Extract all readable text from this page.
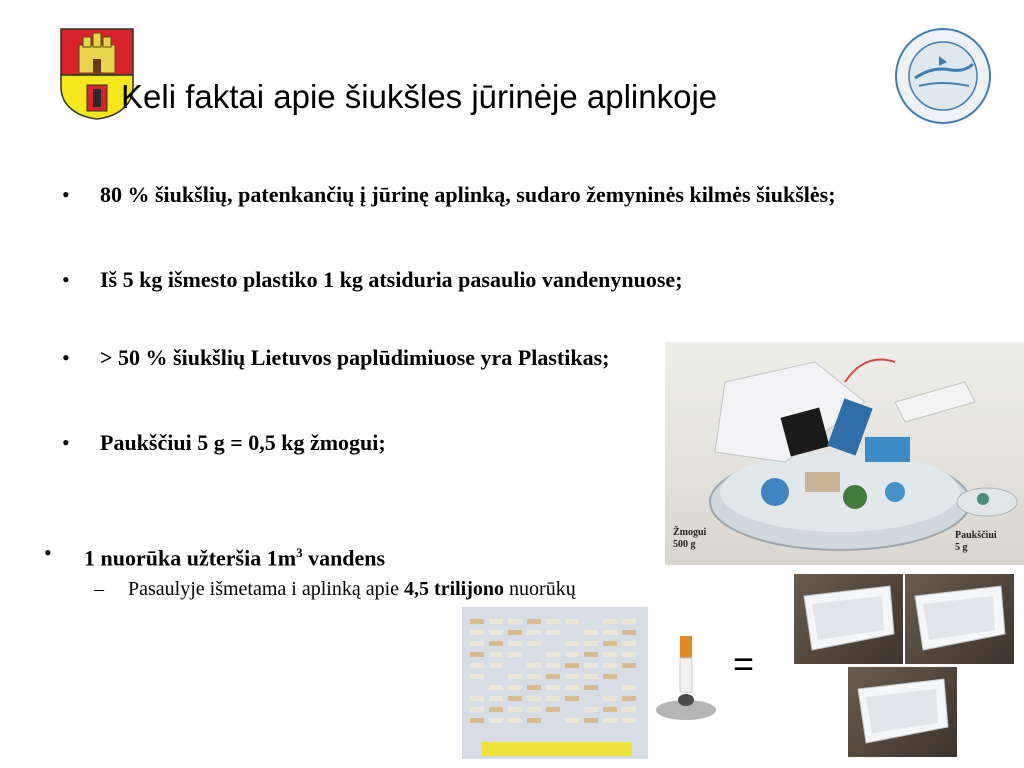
Keli faktai apie šiukšles jūrinėje aplinkoje
• 80 % šiukšlių, patenkančių į jūrinę aplinką, sudaro žemyninės kilmės šiukšlės;
• Iš 5 kg išmesto plastiko 1 kg atsiduria pasaulio vandenynuose;
• > 50 % šiukšlių Lietuvos paplūdimiuose yra Plastikas;
• Paukščiui 5 g = 0,5 kg žmogui;
Žmogui
500 g
Paukščiui
5 g
• 1 nuorūka užteršia $1m^3$ vandens
– Pasaulyje išmetama i aplinką apie 4,5 trilijono nuorūkų
=
